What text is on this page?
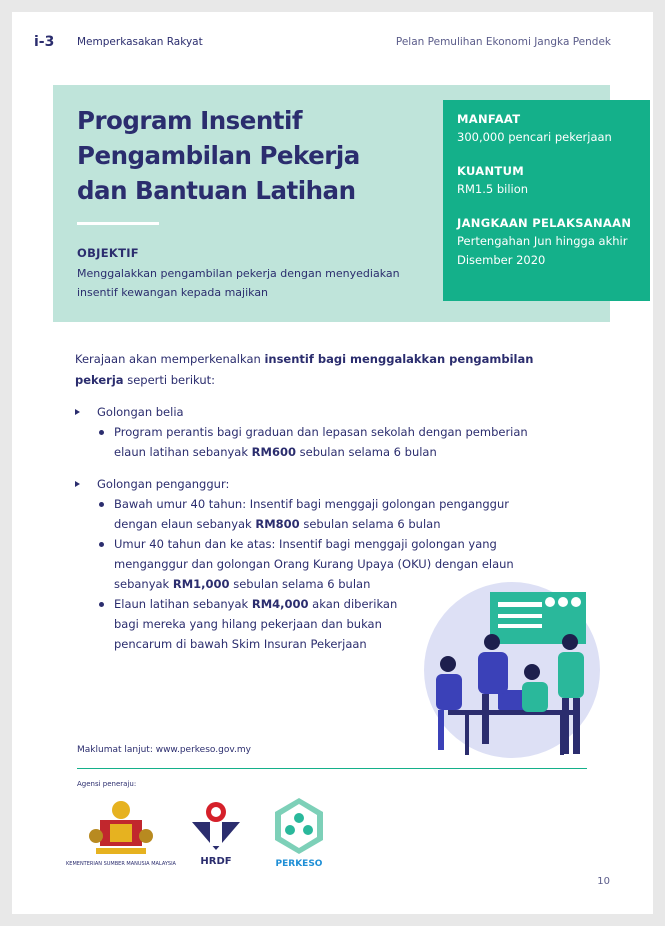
i-3 Memperkasakan Rakyat	Pelan Pemulihan Ekonomi Jangka Pendek
Program Insentif Pengambilan Pekerja dan Bantuan Latihan
OBJEKTIF
Menggalakkan pengambilan pekerja dengan menyediakan insentif kewangan kepada majikan
MANFAAT
300,000 pencari pekerjaan
KUANTUM
RM1.5 bilion
JANGKAAN PELAKSANAAN
Pertengahan Jun hingga akhir Disember 2020
Kerajaan akan memperkenalkan insentif bagi menggalakkan pengambilan pekerja seperti berikut:
Golongan belia
Program perantis bagi graduan dan lepasan sekolah dengan pemberian elaun latihan sebanyak RM600 sebulan selama 6 bulan
Golongan penganggur:
Bawah umur 40 tahun: Insentif bagi menggaji golongan penganggur dengan elaun sebanyak RM800 sebulan selama 6 bulan
Umur 40 tahun dan ke atas: Insentif bagi menggaji golongan yang menganggur dan golongan Orang Kurang Upaya (OKU) dengan elaun sebanyak RM1,000 sebulan selama 6 bulan
Elaun latihan sebanyak RM4,000 akan diberikan bagi mereka yang hilang pekerjaan dan bukan pencarum di bawah Skim Insuran Pekerjaan
Maklumat lanjut: www.perkeso.gov.my
Agensi peneraju:
KEMENTERIAN SUMBER MANUSIA MALAYSIA HRDF	PERKESO
10
